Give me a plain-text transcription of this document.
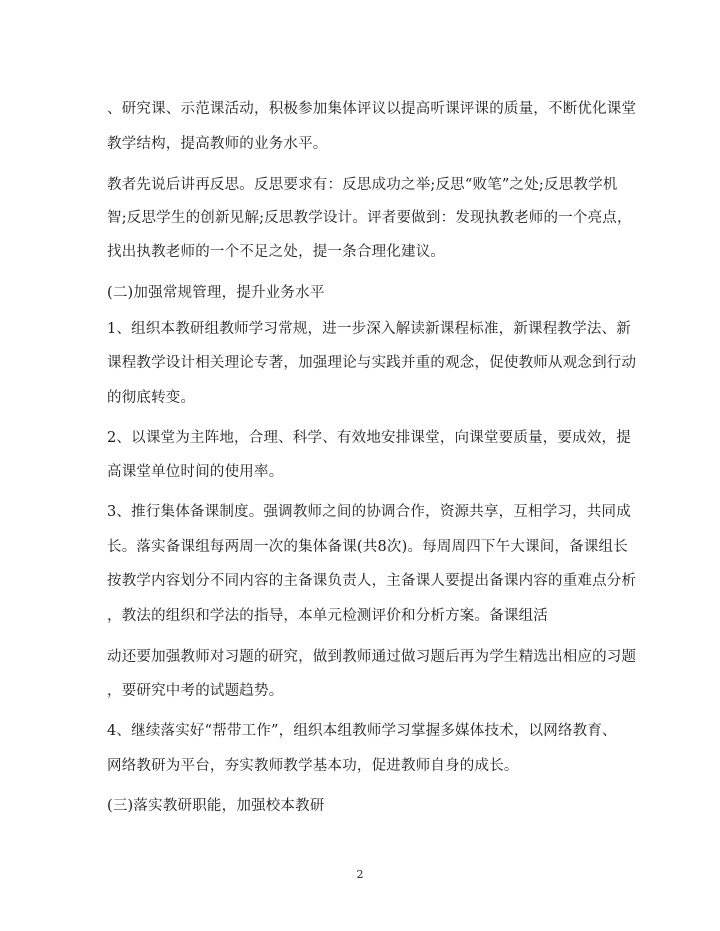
、研究课、示范课活动，积极参加集体评议以提高听课评课的质量，不断优化课堂
教学结构，提高教师的业务水平。
教者先说后讲再反思。反思要求有：反思成功之举;反思“败笔”之处;反思教学机
智;反思学生的创新见解;反思教学设计。评者要做到：发现执教老师的一个亮点，
找出执教老师的一个不足之处，提一条合理化建议。
(二)加强常规管理，提升业务水平
1、组织本教研组教师学习常规，进一步深入解读新课程标准，新课程教学法、新
课程教学设计相关理论专著，加强理论与实践并重的观念，促使教师从观念到行动
的彻底转变。
2、以课堂为主阵地，合理、科学、有效地安排课堂，向课堂要质量，要成效，提
高课堂单位时间的使用率。
3、推行集体备课制度。强调教师之间的协调合作，资源共享，互相学习，共同成
长。落实备课组每两周一次的集体备课(共8次)。每周周四下午大课间，备课组长
按教学内容划分不同内容的主备课负责人，主备课人要提出备课内容的重难点分析
，教法的组织和学法的指导，本单元检测评价和分析方案。备课组活
动还要加强教师对习题的研究，做到教师通过做习题后再为学生精选出相应的习题
，要研究中考的试题趋势。
4、继续落实好“帮带工作”，组织本组教师学习掌握多媒体技术，以网络教育、
网络教研为平台，夯实教师教学基本功，促进教师自身的成长。
(三)落实教研职能，加强校本教研
2
